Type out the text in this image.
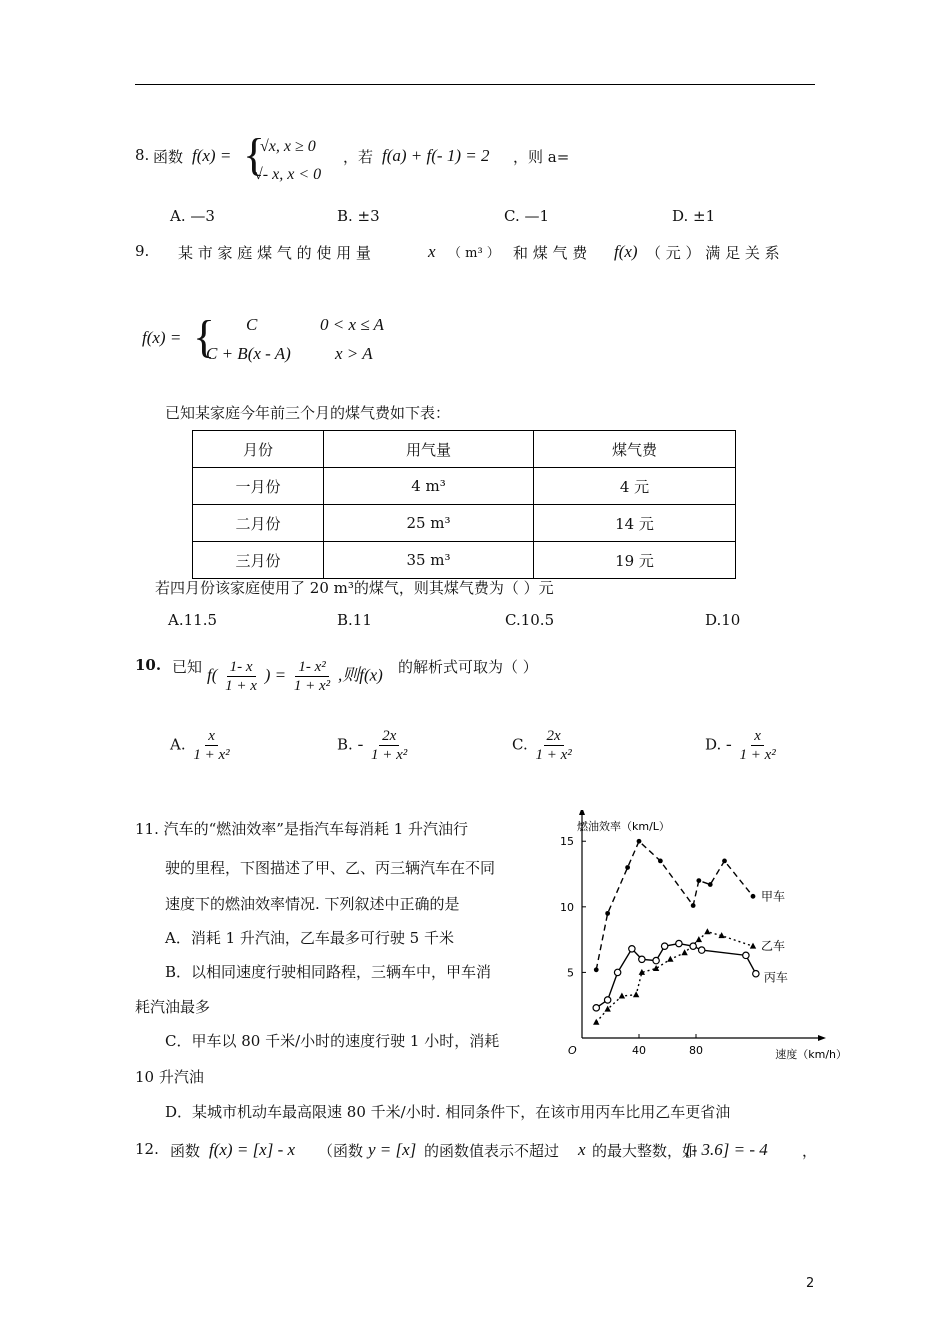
8. 函数 f(x) = {
√x, x ≥ 0
√- x, x < 0
，若 f(a) + f(- 1) = 2 ，则 a=
A. —3	B. ±3	C. —1	D. ±1
9. 某 市 家 庭 煤 气 的 使 用 量	x （ m³ ） 和 煤 气 费 f(x) （ 元 ） 满 足 关 系
f(x) = { C	0 < x ≤ A
C + B(x - A)	x > A
已知某家庭今年前三个月的煤气费如下表：
月份	用气量	煤气费
一月份	4 m³	4 元
二月份	25 m³	14 元
三月份	35 m³	19 元
若四月份该家庭使用了 20 m³的煤气，则其煤气费为（ ）元
A.11.5	B.11	C.10.5	D.10
10. 已知 $f( \frac{1- x}{1 + x}$ ) = $\frac{\text{1- x²}}{\text{1 + x²}}$ ,则f(x) 的解析式可取为（ ）
A. $\frac{x}{\text{1 + x²}}$	B. - $\frac{2x}{\text{1 + x²}}$	C. $\frac{2x}{\text{1 + x²}}$	D. - $\frac{x}{\text{1 + x²}}$
11. 汽车的“燃油效率”是指汽车每消耗 1 升汽油行
驶的里程，下图描述了甲、乙、丙三辆汽车在不同
速度下的燃油效率情况. 下列叙述中正确的是
A．消耗 1 升汽油，乙车最多可行驶 5 千米
B．以相同速度行驶相同路程，三辆车中，甲车消
耗汽油最多
C．甲车以 80 千米/小时的速度行驶 1 小时，消耗
10 升汽油
D．某城市机动车最高限速 80 千米/小时. 相同条件下，在该市用丙车比用乙车更省油
40	80
5
10
15
O
燃油效率（km/L）
速度（km/h）
甲车
乙车
丙车
12. 函数 f(x) = [x] - x （函数 y = [x] 的函数值表示不超过 x 的最大整数，如
[- 3.6] = - 4 ，
2
